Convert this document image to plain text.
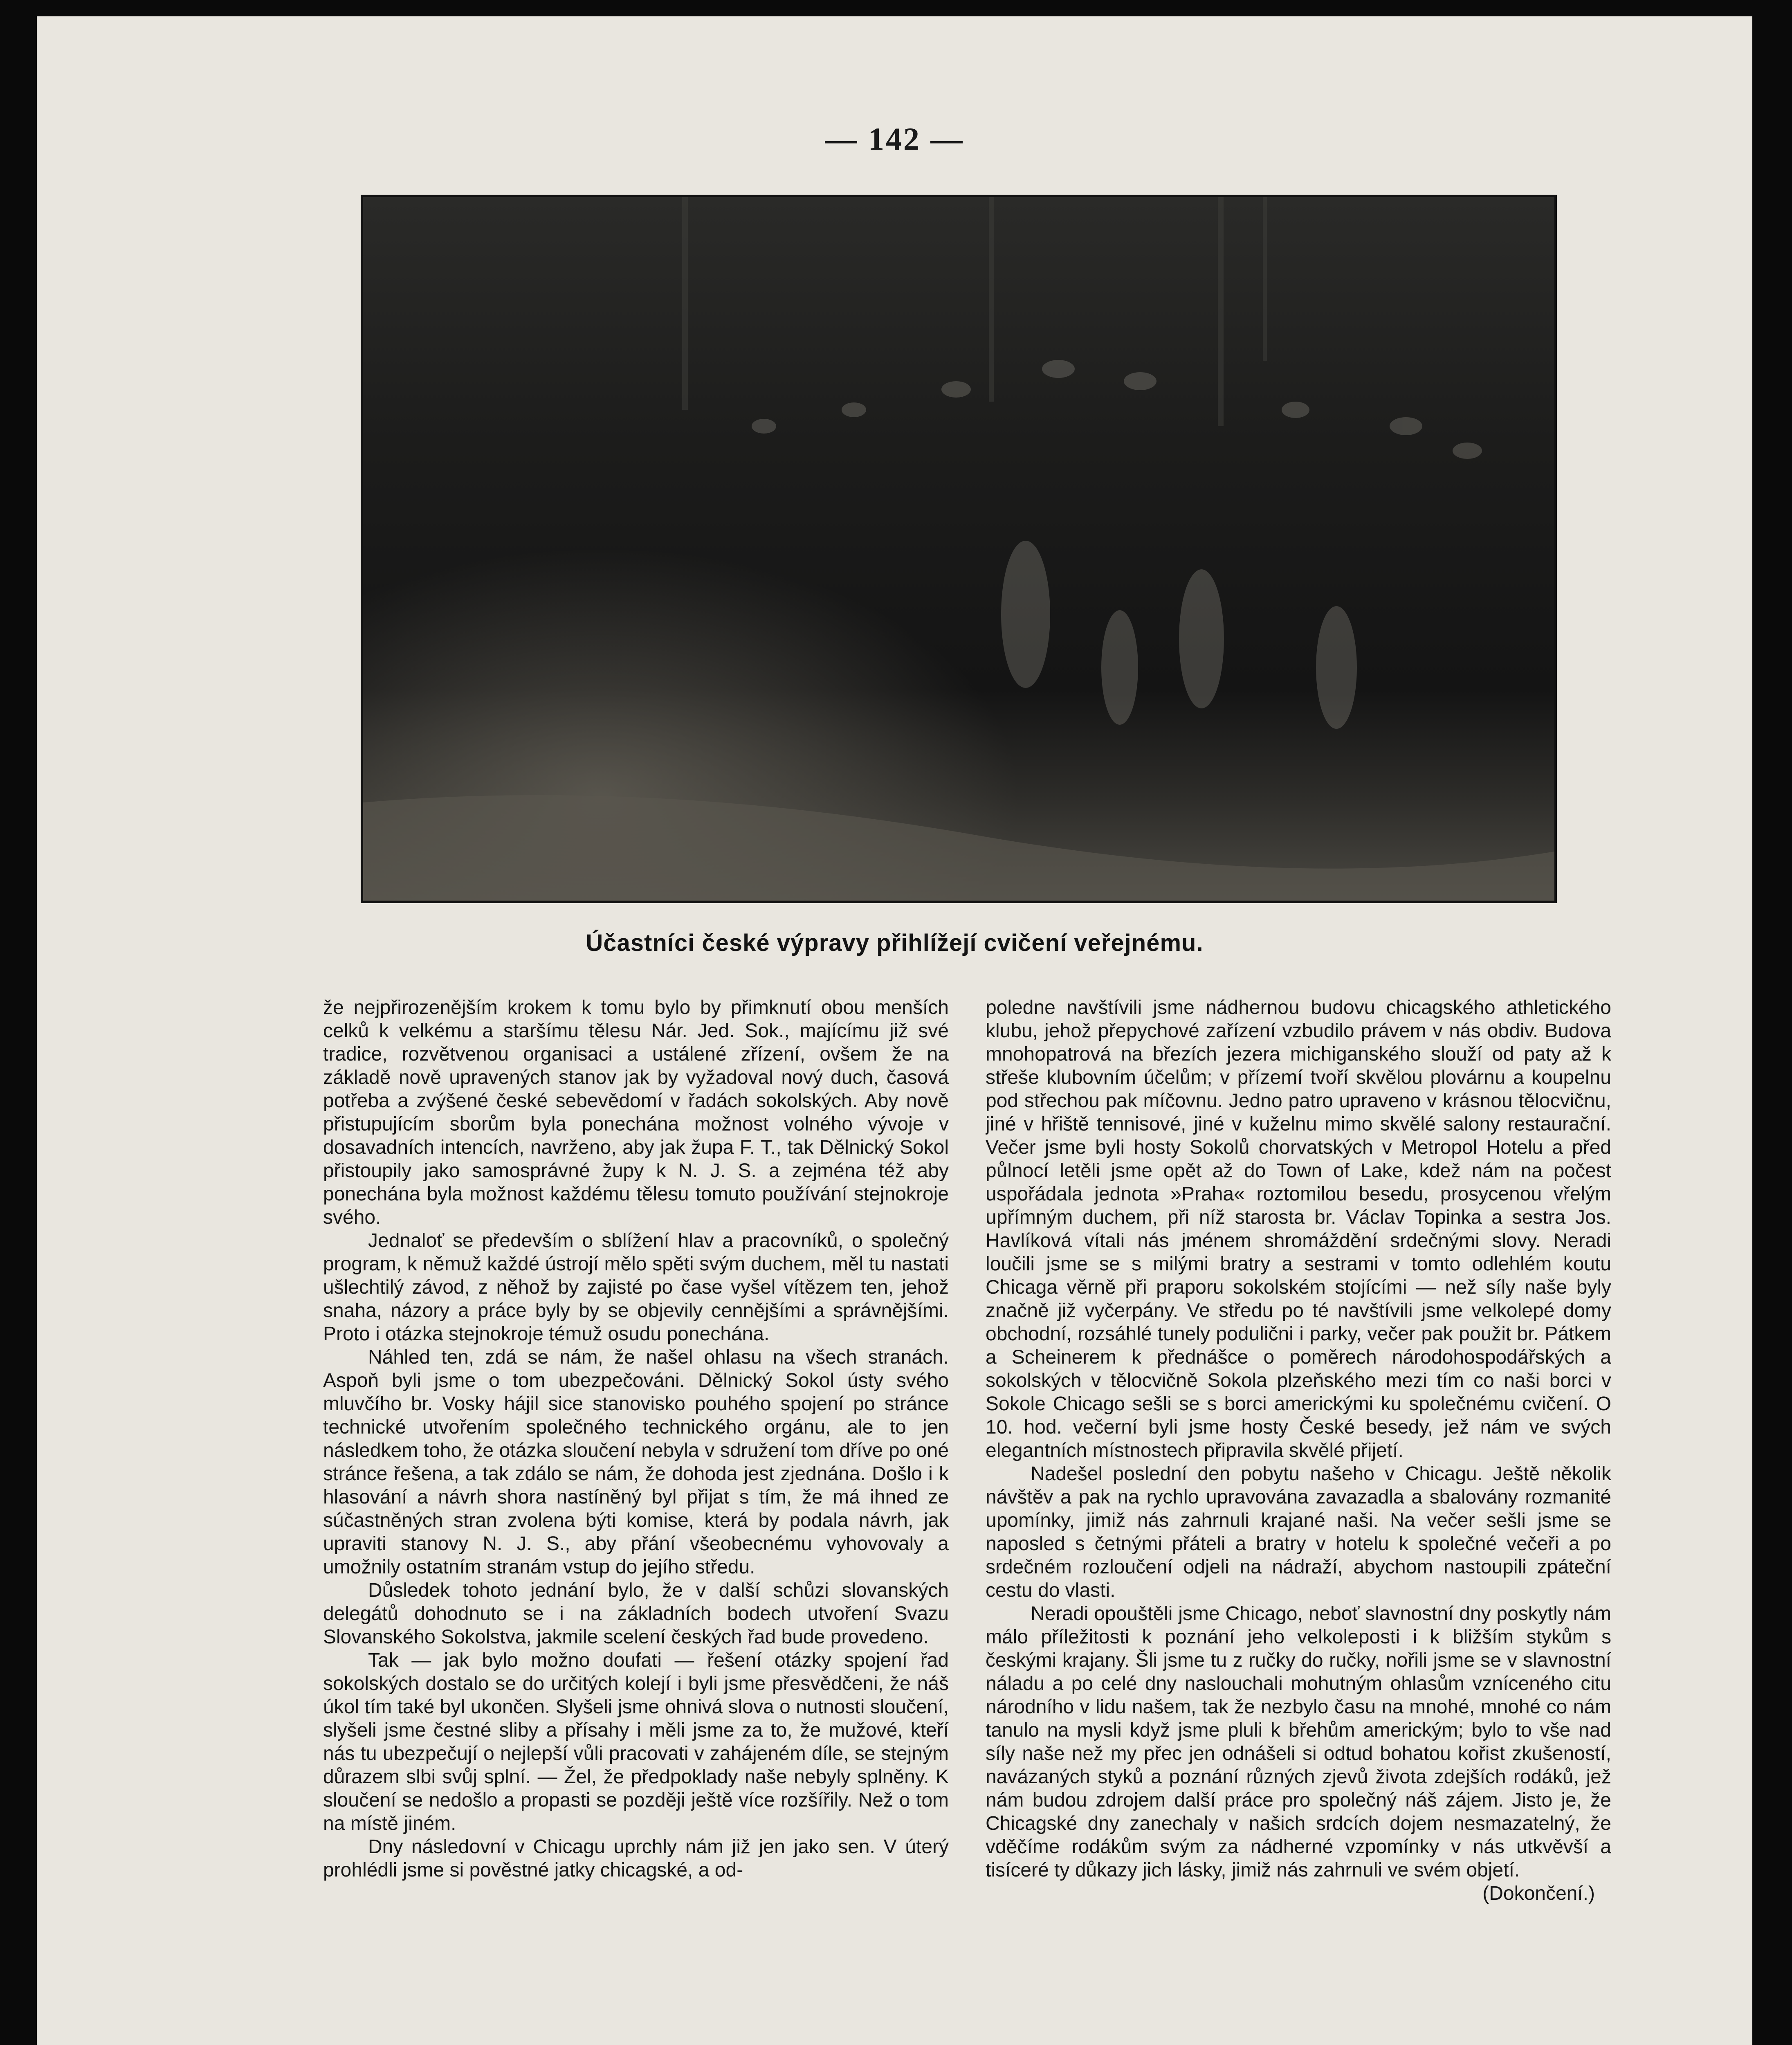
— 142 —
Účastníci české výpravy přihlížejí cvičení veřejnému.

že nejpřirozenějším krokem k tomu bylo by přimknutí obou menších celků k velkému a staršímu tělesu Nár. Jed. Sok., majícímu již své tradice, rozvětvenou organisaci a ustálené zřízení, ovšem že na základě nově upravených stanov jak by vyžadoval nový duch, časová potřeba a zvýšené české sebevědomí v řadách sokolských. Aby nově přistupujícím sborům byla ponechána možnost volného vývoje v dosavadních intencích, navrženo, aby jak župa F. T., tak Dělnický Sokol přistoupily jako samosprávné župy k N. J. S. a zejména též aby ponechána byla možnost každému tělesu tomuto používání stejnokroje svého.

Jednaloť se především o sblížení hlav a pracovníků, o společný program, k němuž každé ústrojí mělo spěti svým duchem, měl tu nastati ušlechtilý závod, z něhož by zajisté po čase vyšel vítězem ten, jehož snaha, názory a práce byly by se objevily cennějšími a správnějšími. Proto i otázka stejnokroje témuž osudu ponechána.

Náhled ten, zdá se nám, že našel ohlasu na všech stranách. Aspoň byli jsme o tom ubezpečováni. Dělnický Sokol ústy svého mluvčího br. Vosky hájil sice stanovisko pouhého spojení po stránce technické utvořením společného technického orgánu, ale to jen následkem toho, že otázka sloučení nebyla v sdružení tom dříve po oné stránce řešena, a tak zdálo se nám, že dohoda jest zjednána. Došlo i k hlasování a návrh shora nastíněný byl přijat s tím, že má ihned ze súčastněných stran zvolena býti komise, která by podala návrh, jak upraviti stanovy N. J. S., aby přání všeobecnému vyhovovaly a umožnily ostatním stranám vstup do jejího středu.

Důsledek tohoto jednání bylo, že v další schůzi slovanských delegátů dohodnuto se i na základních bodech utvoření Svazu Slovanského Sokolstva, jakmile scelení českých řad bude provedeno.

Tak — jak bylo možno doufati — řešení otázky spojení řad sokolských dostalo se do určitých kolejí i byli jsme přesvědčeni, že náš úkol tím také byl ukončen. Slyšeli jsme ohnivá slova o nutnosti sloučení, slyšeli jsme čestné sliby a přísahy i měli jsme za to, že mužové, kteří nás tu ubezpečují o nejlepší vůli pracovati v zahájeném díle, se stejným důrazem slbi svůj splní. — Žel, že předpoklady naše nebyly splněny. K sloučení se nedošlo a propasti se později ještě více rozšířily. Než o tom na místě jiném.

Dny následovní v Chicagu uprchly nám již jen jako sen. V úterý prohlédli jsme si pověstné jatky chicagské, a od-

poledne navštívili jsme nádhernou budovu chicagského athletického klubu, jehož přepychové zařízení vzbudilo právem v nás obdiv. Budova mnohopatrová na březích jezera michiganského slouží od paty až k střeše klubovním účelům; v přízemí tvoří skvělou plovárnu a koupelnu pod střechou pak míčovnu. Jedno patro upraveno v krásnou tělocvičnu, jiné v hřiště tennisové, jiné v kuželnu mimo skvělé salony restaurační. Večer jsme byli hosty Sokolů chorvatských v Metropol Hotelu a před půlnocí letěli jsme opět až do Town of Lake, kdež nám na počest uspořádala jednota »Praha« roztomilou besedu, prosycenou vřelým upřímným duchem, při níž starosta br. Václav Topinka a sestra Jos. Havlíková vítali nás jménem shromáždění srdečnými slovy. Neradi loučili jsme se s milými bratry a sestrami v tomto odlehlém koutu Chicaga věrně při praporu sokolském stojícími — než síly naše byly značně již vyčerpány. Ve středu po té navštívili jsme velkolepé domy obchodní, rozsáhlé tunely podulični i parky, večer pak použit br. Pátkem a Scheinerem k přednášce o poměrech národohospodářských a sokolských v tělocvičně Sokola plzeňského mezi tím co naši borci v Sokole Chicago sešli se s borci americkými ku společnému cvičení. O 10. hod. večerní byli jsme hosty České besedy, jež nám ve svých elegantních místnostech připravila skvělé přijetí.

Nadešel poslední den pobytu našeho v Chicagu. Ještě několik návštěv a pak na rychlo upravována zavazadla a sbalovány rozmanité upomínky, jimiž nás zahrnuli krajané naši. Na večer sešli jsme se naposled s četnými přáteli a bratry v hotelu k společné večeři a po srdečném rozloučení odjeli na nádraží, abychom nastoupili zpáteční cestu do vlasti.

Neradi opouštěli jsme Chicago, neboť slavnostní dny poskytly nám málo příležitosti k poznání jeho velkoleposti i k bližším stykům s českými krajany. Šli jsme tu z ručky do ručky, nořili jsme se v slavnostní náladu a po celé dny naslouchali mohutným ohlasům vzníceného citu národního v lidu našem, tak že nezbylo času na mnohé, mnohé co nám tanulo na mysli když jsme pluli k břehům americkým; bylo to vše nad síly naše než my přec jen odnášeli si odtud bohatou kořist zkušeností, navázaných styků a poznání různých zjevů života zdejších rodáků, jež nám budou zdrojem další práce pro společný náš zájem. Jisto je, že Chicagské dny zanechaly v našich srdcích dojem nesmazatelný, že vděčíme rodákům svým za nádherné vzpomínky v nás utkvěvší a tisíceré ty důkazy jich lásky, jimiž nás zahrnuli ve svém objetí.

(Dokončení.)
